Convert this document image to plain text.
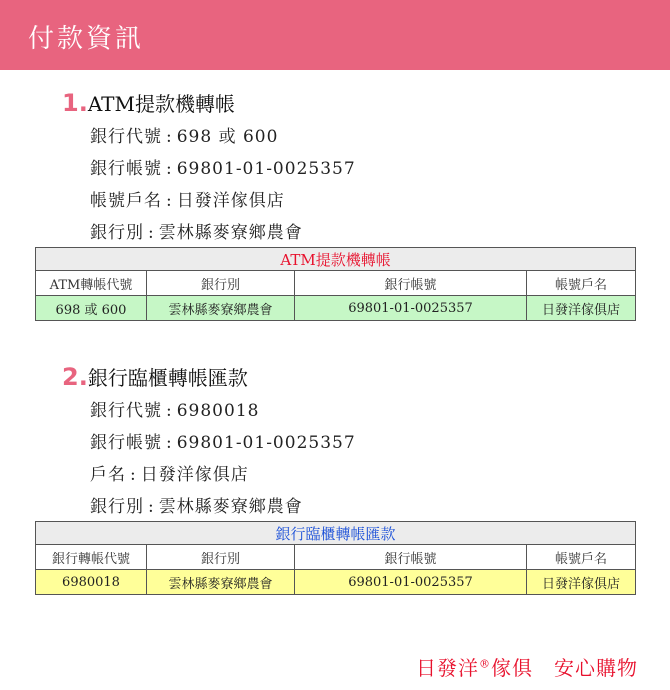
付款資訊
1.ATM提款機轉帳
銀行代號 : 698 或 600
銀行帳號 : 69801-01-0025357
帳號戶名 : 日發洋傢俱店
銀行別 : 雲林縣麥寮鄉農會
ATM提款機轉帳			
ATM轉帳代號	銀行別	銀行帳號	帳號戶名
698 或 600	雲林縣麥寮鄉農會	69801-01-0025357	日發洋傢俱店
2.銀行臨櫃轉帳匯款
銀行代號 : 6980018
銀行帳號 : 69801-01-0025357
戶名 : 日發洋傢俱店
銀行別 : 雲林縣麥寮鄉農會
銀行臨櫃轉帳匯款			
銀行轉帳代號	銀行別	銀行帳號	帳號戶名
6980018	雲林縣麥寮鄉農會	69801-01-0025357	日發洋傢俱店
日發洋®傢俱　安心購物
